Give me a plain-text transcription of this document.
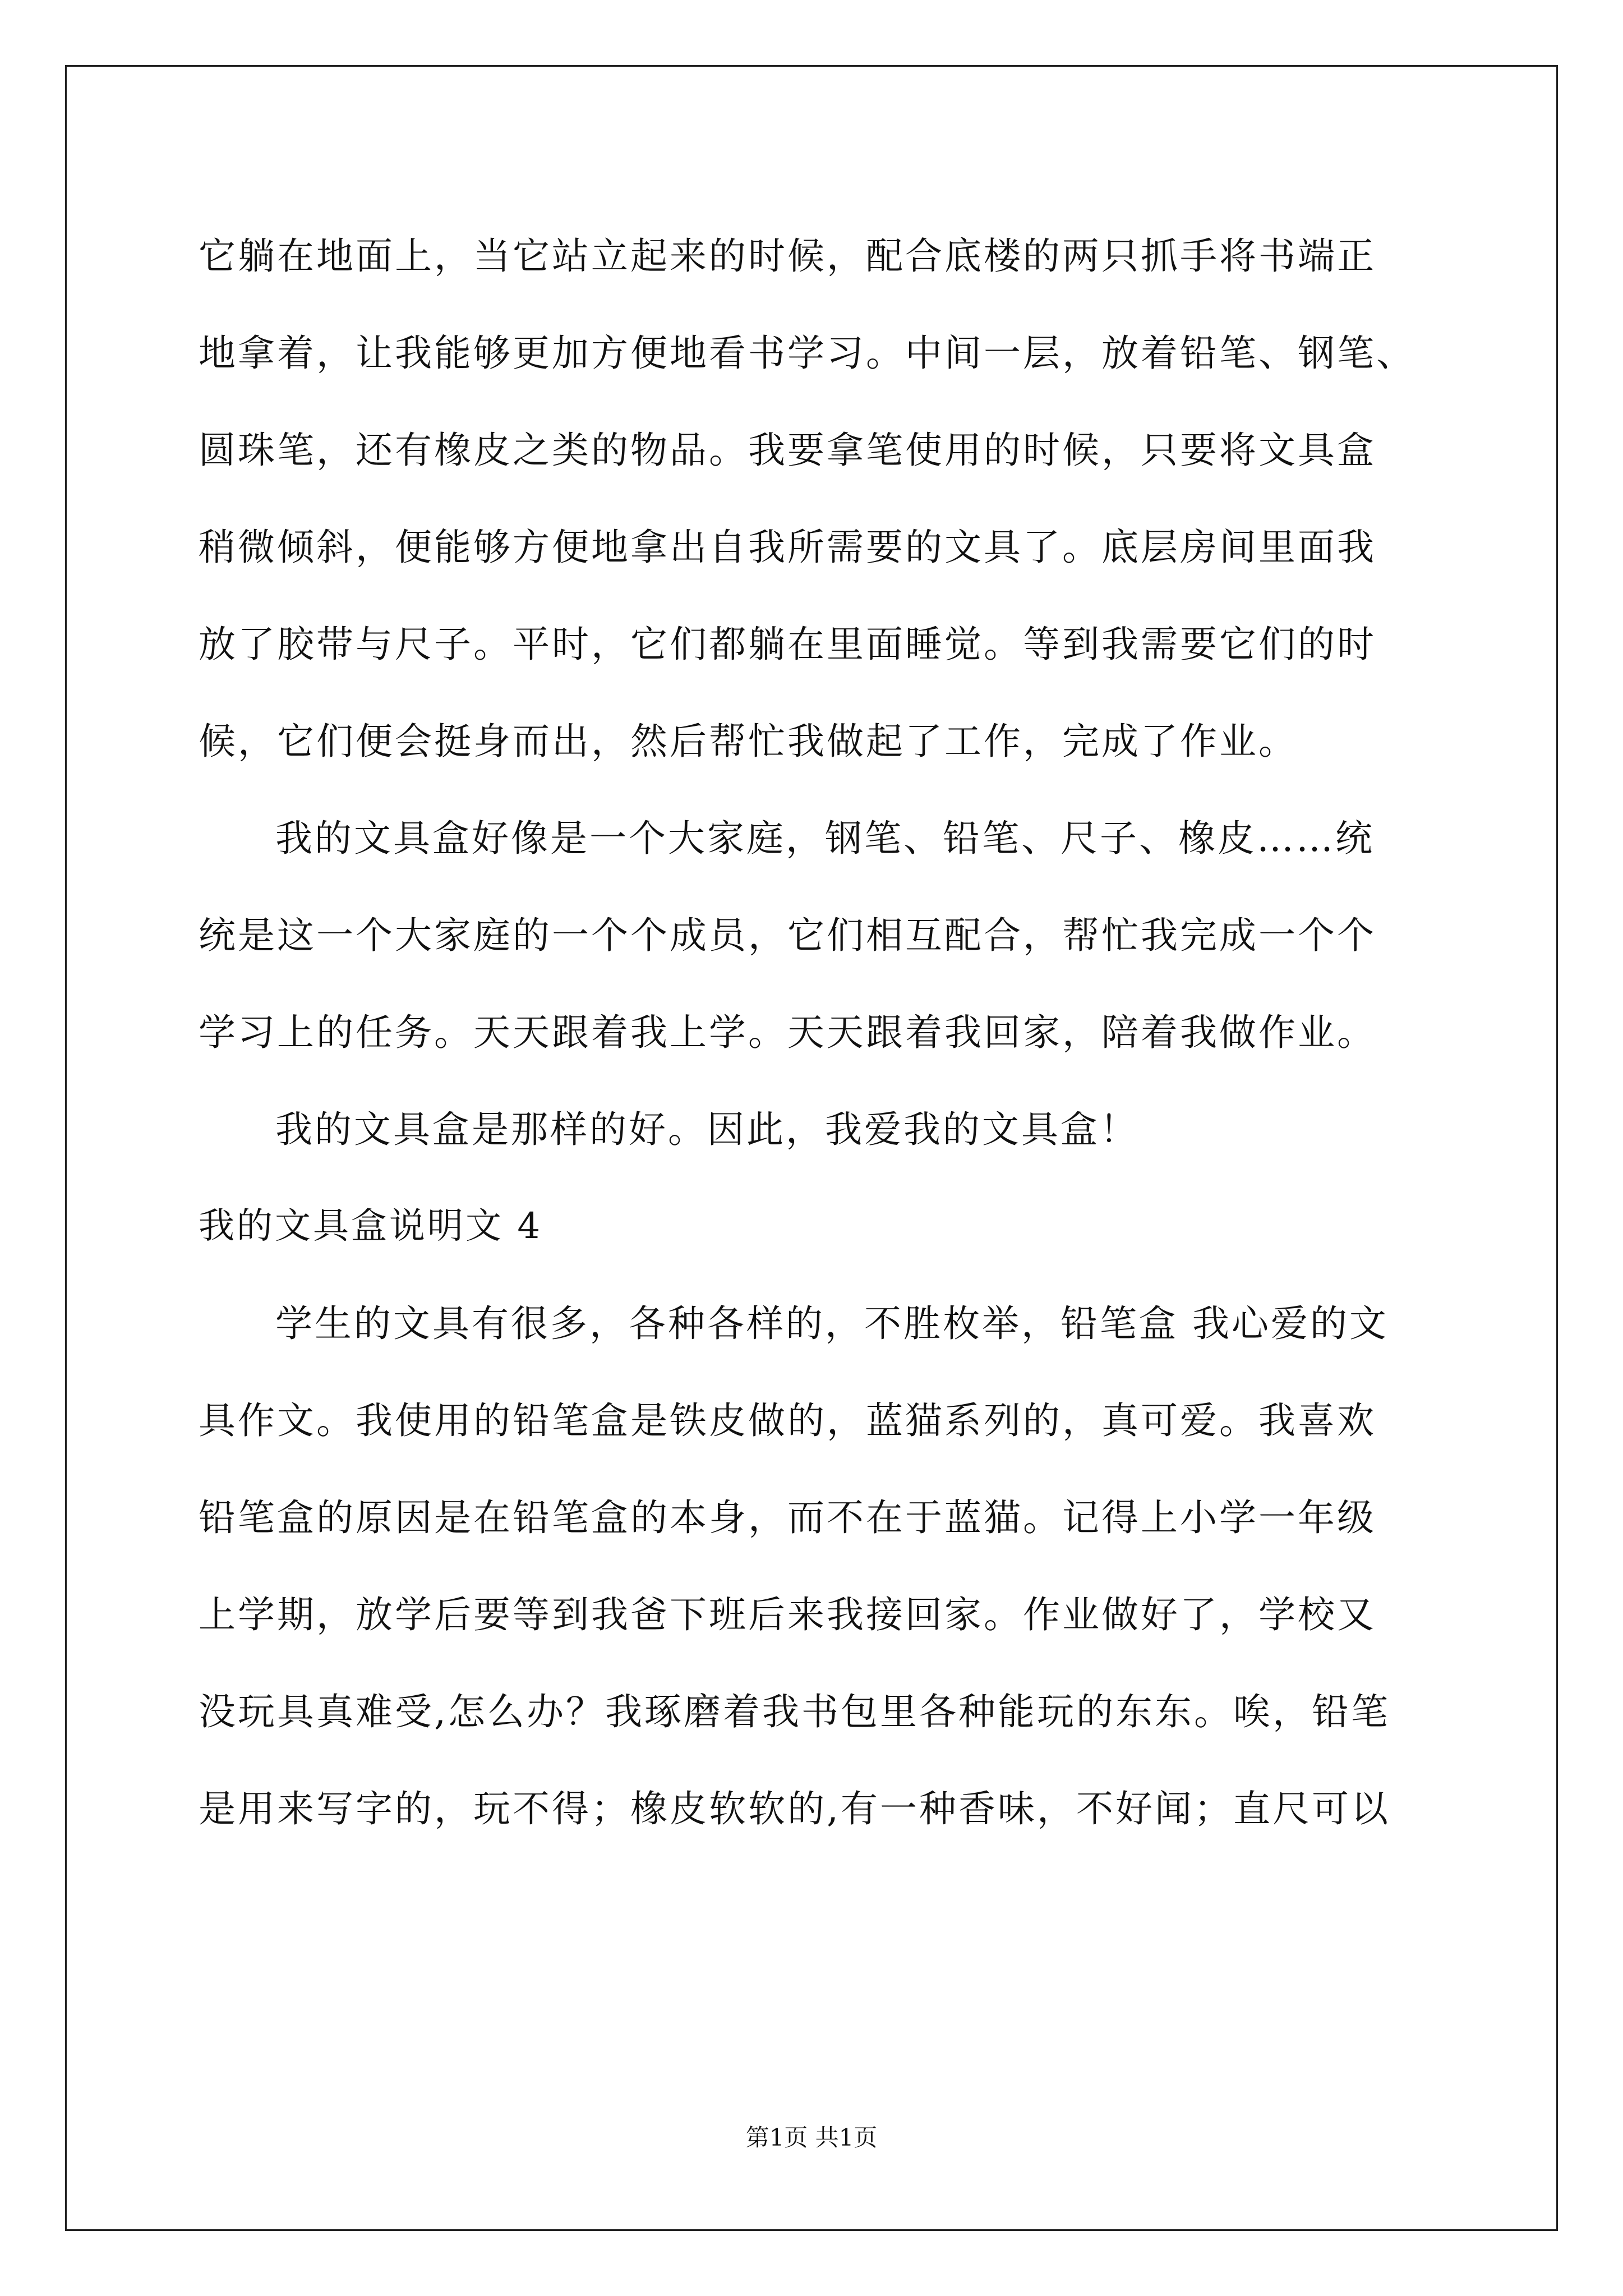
它躺在地面上，当它站立起来的时候，配合底楼的两只抓手将书端正
地拿着，让我能够更加方便地看书学习。中间一层，放着铅笔、钢笔、
圆珠笔，还有橡皮之类的物品。我要拿笔使用的时候，只要将文具盒
稍微倾斜，便能够方便地拿出自我所需要的文具了。底层房间里面我
放了胶带与尺子。平时，它们都躺在里面睡觉。等到我需要它们的时
候，它们便会挺身而出，然后帮忙我做起了工作，完成了作业。
我的文具盒好像是一个大家庭，钢笔、铅笔、尺子、橡皮……统
统是这一个大家庭的一个个成员，它们相互配合，帮忙我完成一个个
学习上的任务。天天跟着我上学。天天跟着我回家，陪着我做作业。
我的文具盒是那样的好。因此，我爱我的文具盒！
我的文具盒说明文 4
学生的文具有很多，各种各样的，不胜枚举，铅笔盒 我心爱的文
具作文。我使用的铅笔盒是铁皮做的，蓝猫系列的，真可爱。我喜欢
铅笔盒的原因是在铅笔盒的本身，而不在于蓝猫。记得上小学一年级
上学期，放学后要等到我爸下班后来我接回家。作业做好了，学校又
没玩具真难受,怎么办？我琢磨着我书包里各种能玩的东东。唉，铅笔
是用来写字的，玩不得；橡皮软软的,有一种香味，不好闻；直尺可以
第1页 共1页
